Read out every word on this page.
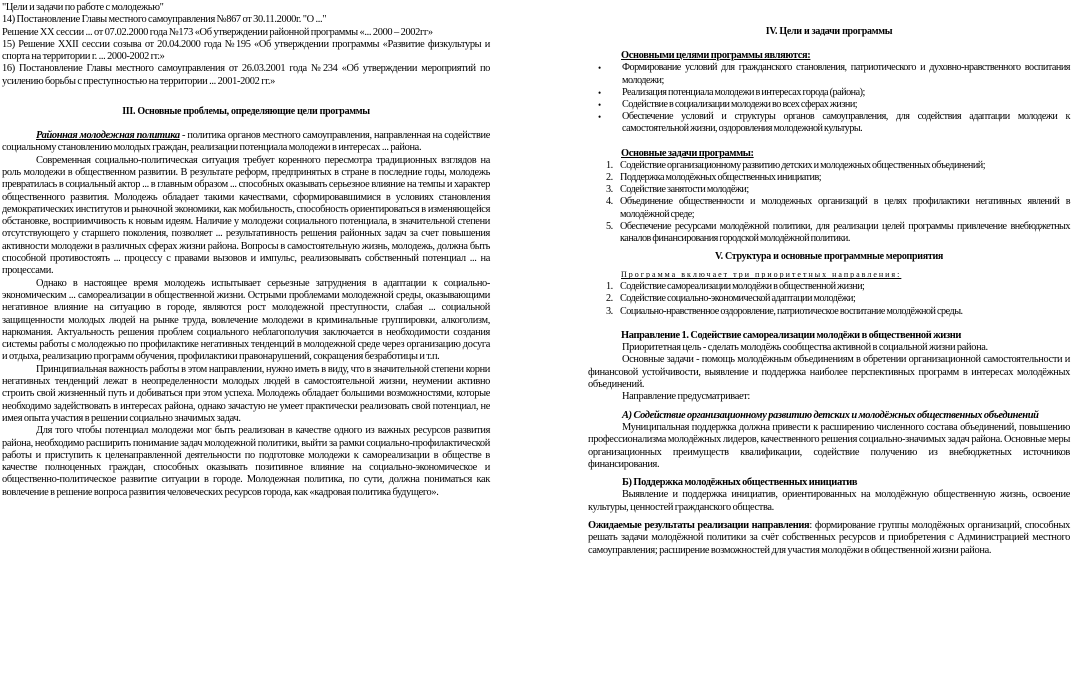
"Цели и задачи по работе с молодежью"

14) Постановление Главы местного самоуправления №867 от 30.11.2000г. "О ..."

Решение XX сессии ... от 07.02.2000 года №173 «Об утверждении районной программы «... 2000 – 2002гг»

15) Решение XXII сессии созыва от 20.04.2000 года №195 «Об утверждении программы «Развитие физкультуры и спорта на территории г. ... 2000-2002 гг.»

16) Постановление Главы местного самоуправления от 26.03.2001 года №234 «Об утверждении мероприятий по усилению борьбы с преступностью на территории ... 2001-2002 гг.»

III. Основные проблемы, определяющие цели программы

Районная молодежная политика - политика органов местного самоуправления, направленная на содействие социальному становлению молодых граждан, реализации потенциала молодежи в интересах ... района.

Современная социально-политическая ситуация требует коренного пересмотра традиционных взглядов на роль молодежи в общественном развитии. В результате реформ, предпринятых в стране в последние годы, молодежь превратилась в социальный актор ... в главным образом ... способных оказывать серьезное влияние на темпы и характер общественного развития. Молодежь обладает такими качествами, сформировавшимися в условиях становления демократических институтов и рыночной экономики, как мобильность, способность ориентироваться в изменяющейся обстановке, восприимчивость к новым идеям. Наличие у молодежи социального потенциала, в значительной степени отсутствующего у старшего поколения, позволяет ... результативность решения районных задач за счет повышения активности молодежи в различных сферах жизни района. Вопросы в самостоятельную жизнь, молодежь, должна быть способной противостоять ... процессу с правами вызовов и импульс, реализовывать собственный потенциал ... на процессами.

Однако в настоящее время молодежь испытывает серьезные затруднения в адаптации к социально-экономическим ... самореализации в общественной жизни. Острыми проблемами молодежной среды, оказывающими негативное влияние на ситуацию в городе, являются рост молодежной преступности, слабая ... социальной защищенности молодых людей на рынке труда, вовлечение молодежи в криминальные группировки, алкоголизм, наркомания. Актуальность решения проблем социального неблагополучия заключается в необходимости создания системы работы с молодежью по профилактике негативных тенденций в молодежной среде через организацию досуга и отдыха, реализацию программ обучения, профилактики правонарушений, сокращения безработицы и т.п.

Принципиальная важность работы в этом направлении, нужно иметь в виду, что в значительной степени корни негативных тенденций лежат в неопределенности молодых людей в самостоятельной жизни, неумении активно строить свой жизненный путь и добиваться при этом успеха. Молодежь обладает большими возможностями, которые необходимо задействовать в интересах района, однако зачастую не умеет практически реализовать свой потенциал, не имея опыта участия в решении социально значимых задач.

Для того чтобы потенциал молодежи мог быть реализован в качестве одного из важных ресурсов развития района, необходимо расширить понимание задач молодежной политики, выйти за рамки социально-профилактической работы и приступить к целенаправленной деятельности по подготовке молодежи к самореализации в обществе в качестве полноценных граждан, способных оказывать позитивное влияние на социально-экономическое и общественно-политическое развитие ситуации в городе. Молодежная политика, по сути, должна пониматься как вовлечение в решение вопроса развития человеческих ресурсов города, как «кадровая политика будущего».

IV. Цели и задачи программы

Основными целями программы являются:

• Формирование условий для гражданского становления, патриотического и духовно-нравственного воспитания молодежи;
• Реализация потенциала молодежи в интересах города (района);
• Содействие в социализации молодежи во всех сферах жизни;
• Обеспечение условий и структуры органов самоуправления, для содействия адаптации молодежи к самостоятельной жизни, оздоровления молодежной культуры.

Основные задачи программы:

1. Содействие организационному развитию детских и молодежных общественных объединений;
2. Поддержка молодёжных общественных инициатив;
3. Содействие занятости молодёжи;
4. Объединение общественности и молодежных организаций в целях профилактики негативных явлений в молодёжной среде;
5. Обеспечение ресурсами молодёжной политики, для реализации целей программы привлечение внебюджетных каналов финансирования городской молодёжной политики.

V. Структура и основные программные мероприятия

Программа включает три приоритетных направления:

1. Содействие самореализации молодёжи в общественной жизни;
2. Содействие социально-экономической адаптации молодёжи;
3. Социально-нравственное оздоровление, патриотическое воспитание молодёжной среды.

Направление 1. Содействие самореализации молодёжи в общественной жизни

Приоритетная цель - сделать молодёжь сообщества активной в социальной жизни района.

Основные задачи - помощь молодёжным объединениям в обретении организационной самостоятельности и финансовой устойчивости, выявление и поддержка наиболее перспективных программ в интересах молодёжных объединений.

Направление предусматривает:

А) Содействие организационному развитию детских и молодёжных общественных объединений

Муниципальная поддержка должна привести к расширению численного состава объединений, повышению профессионализма молодёжных лидеров, качественного решения социально-значимых задач района. Основные меры организационных преимуществ квалификации, содействие получению из внебюджетных источников финансирования.

Б) Поддержка молодёжных общественных инициатив

Выявление и поддержка инициатив, ориентированных на молодёжную общественную жизнь, освоение культуры, ценностей гражданского общества.

Ожидаемые результаты реализации направления: формирование группы молодёжных организаций, способных решать задачи молодёжной политики за счёт собственных ресурсов и приобретения с Администрацией местного самоуправления; расширение возможностей для участия молодёжи в общественной жизни района.
